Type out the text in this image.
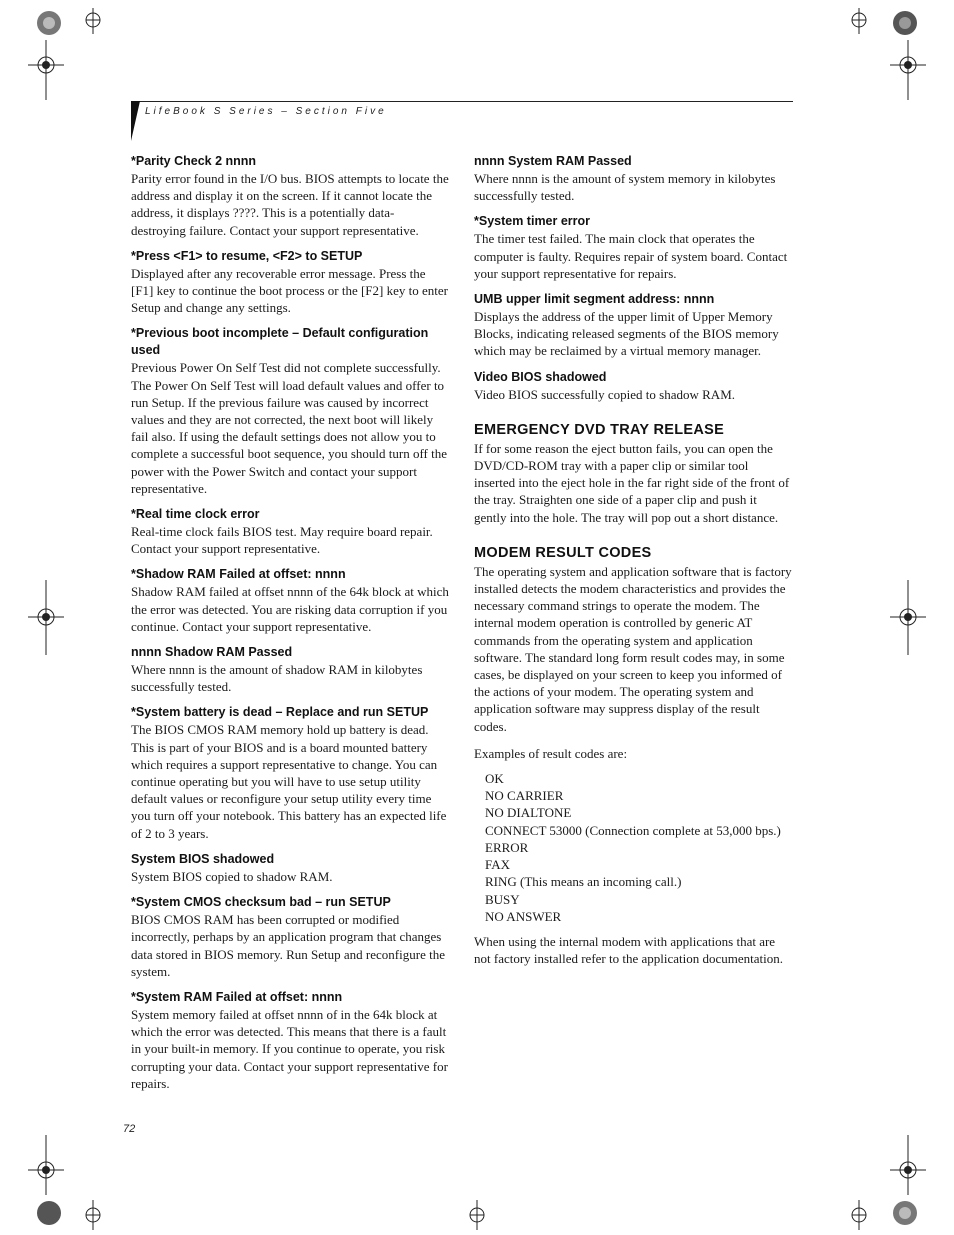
LifeBook S Series – Section Five
*Parity Check 2 nnnn

Parity error found in the I/O bus. BIOS attempts to locate the address and display it on the screen. If it cannot locate the address, it displays ????. This is a potentially data-destroying failure. Contact your support representative.

*Press <F1> to resume, <F2> to SETUP

Displayed after any recoverable error message. Press the [F1] key to continue the boot process or the [F2] key to enter Setup and change any settings.

*Previous boot incomplete – Default configuration used

Previous Power On Self Test did not complete successfully. The Power On Self Test will load default values and offer to run Setup. If the previous failure was caused by incorrect values and they are not corrected, the next boot will likely fail also. If using the default settings does not allow you to complete a successful boot sequence, you should turn off the power with the Power Switch and contact your support representative.

*Real time clock error

Real-time clock fails BIOS test. May require board repair. Contact your support representative.

*Shadow RAM Failed at offset: nnnn

Shadow RAM failed at offset nnnn of the 64k block at which the error was detected. You are risking data corruption if you continue. Contact your support representative.

nnnn Shadow RAM Passed

Where nnnn is the amount of shadow RAM in kilobytes successfully tested.

*System battery is dead – Replace and run SETUP

The BIOS CMOS RAM memory hold up battery is dead. This is part of your BIOS and is a board mounted battery which requires a support representative to change. You can continue operating but you will have to use setup utility default values or reconfigure your setup utility every time you turn off your notebook. This battery has an expected life of 2 to 3 years.

System BIOS shadowed

System BIOS copied to shadow RAM.

*System CMOS checksum bad – run SETUP

BIOS CMOS RAM has been corrupted or modified incorrectly, perhaps by an application program that changes data stored in BIOS memory. Run Setup and reconfigure the system.

*System RAM Failed at offset: nnnn

System memory failed at offset nnnn of in the 64k block at which the error was detected. This means that there is a fault in your built-in memory. If you continue to operate, you risk corrupting your data. Contact your support representative for repairs.

nnnn System RAM Passed

Where nnnn is the amount of system memory in kilobytes successfully tested.

*System timer error

The timer test failed. The main clock that operates the computer is faulty. Requires repair of system board. Contact your support representative for repairs.

UMB upper limit segment address: nnnn

Displays the address of the upper limit of Upper Memory Blocks, indicating released segments of the BIOS memory which may be reclaimed by a virtual memory manager.

Video BIOS shadowed

Video BIOS successfully copied to shadow RAM.

EMERGENCY DVD TRAY RELEASE

If for some reason the eject button fails, you can open the DVD/CD-ROM tray with a paper clip or similar tool inserted into the eject hole in the far right side of the front of the tray. Straighten one side of a paper clip and push it gently into the hole. The tray will pop out a short distance.

MODEM RESULT CODES

The operating system and application software that is factory installed detects the modem characteristics and provides the necessary command strings to operate the modem. The internal modem operation is controlled by generic AT commands from the operating system and application software. The standard long form result codes may, in some cases, be displayed on your screen to keep you informed of the actions of your modem. The operating system and application software may suppress display of the result codes.

Examples of result codes are:

OK
NO CARRIER
NO DIALTONE
CONNECT 53000 (Connection complete at 53,000 bps.)
ERROR
FAX
RING (This means an incoming call.)
BUSY
NO ANSWER

When using the internal modem with applications that are not factory installed refer to the application documentation.

72
